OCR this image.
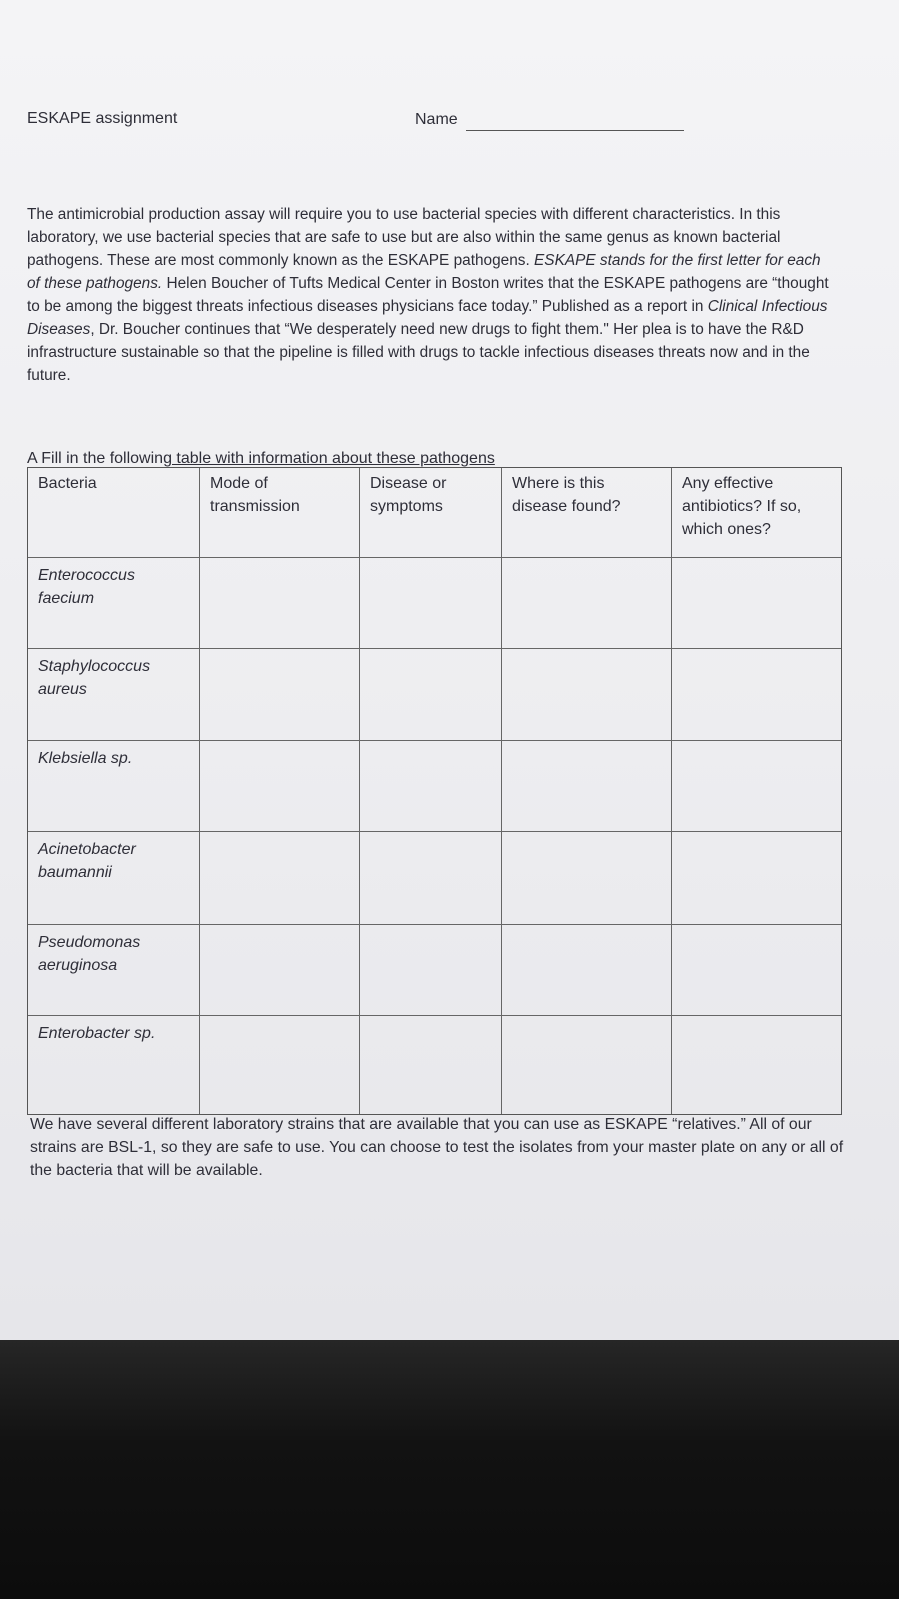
ESKAPE assignment	Name

The antimicrobial production assay will require you to use bacterial species with different characteristics. In this laboratory, we use bacterial species that are safe to use but are also within the same genus as known bacterial pathogens. These are most commonly known as the ESKAPE pathogens. ESKAPE stands for the first letter for each of these pathogens. Helen Boucher of Tufts Medical Center in Boston writes that the ESKAPE pathogens are “thought to be among the biggest threats infectious diseases physicians face today.” Published as a report in Clinical Infectious Diseases, Dr. Boucher continues that “We desperately need new drugs to fight them." Her plea is to have the R&D infrastructure sustainable so that the pipeline is filled with drugs to tackle infectious diseases threats now and in the future.

A Fill in the following table with information about these pathogens
Bacteria	Mode of transmission
Disease or symptoms
Where is this disease found?
Any effective antibiotics? If so, which ones?
Enterococcus faecium
Staphylococcus aureus
Klebsiella sp.
Acinetobacter baumannii
Pseudomonas aeruginosa
Enterobacter sp.

We have several different laboratory strains that are available that you can use as ESKAPE “relatives.” All of our strains are BSL-1, so they are safe to use. You can choose to test the isolates from your master plate on any or all of the bacteria that will be available.
